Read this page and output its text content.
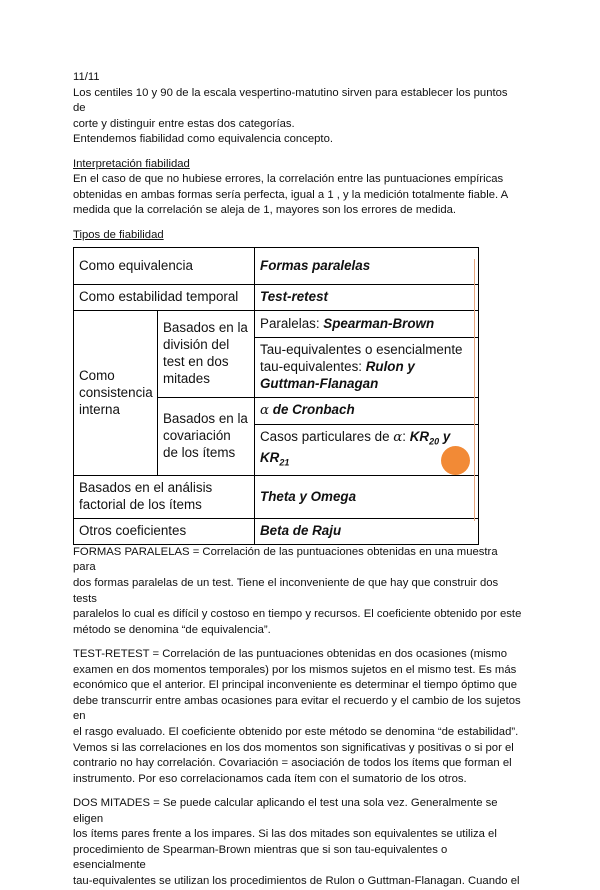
11/11

Los centiles 10 y 90 de la escala vespertino-matutino sirven para establecer los puntos de

corte y distinguir entre estas dos categorías.

Entendemos fiabilidad como equivalencia concepto.

Interpretación fiabilidad

En el caso de que no hubiese errores, la correlación entre las puntuaciones empíricas

obtenidas en ambas formas sería perfecta, igual a 1 , y la medición totalmente fiable. A

medida que la correlación se aleja de 1, mayores son los errores de medida.

Tipos de fiabilidad

Como equivalencia		Formas paralelas
Como estabilidad temporal		Test-retest
Como consistencia interna	Basados en la división del test en dos mitades	Paralelas: Spearman-Brown
		Tau-equivalentes o esencialmente tau-equivalentes: Rulon y Guttman-Flanagan
	Basados en la covariación de los ítems	α de Cronbach
		Casos particulares de α: $KR_{20}$ y $KR_{21}$
Basados en el análisis factorial de los ítems		Theta y Omega
Otros coeficientes		Beta de Raju

FORMAS PARALELAS = Correlación de las puntuaciones obtenidas en una muestra para

dos formas paralelas de un test. Tiene el inconveniente de que hay que construir dos tests

paralelos lo cual es difícil y costoso en tiempo y recursos. El coeficiente obtenido por este

método se denomina “de equivalencia”.

TEST-RETEST = Correlación de las puntuaciones obtenidas en dos ocasiones (mismo

examen en dos momentos temporales) por los mismos sujetos en el mismo test. Es más

económico que el anterior. El principal inconveniente es determinar el tiempo óptimo que

debe transcurrir entre ambas ocasiones para evitar el recuerdo y el cambio de los sujetos en

el rasgo evaluado. El coeficiente obtenido por este método se denomina “de estabilidad”.

Vemos si las correlaciones en los dos momentos son significativas y positivas o si por el

contrario no hay correlación. Covariación = asociación de todos los ítems que forman el

instrumento. Por eso correlacionamos cada ítem con el sumatorio de los otros.

DOS MITADES = Se puede calcular aplicando el test una sola vez. Generalmente se eligen

los ítems pares frente a los impares. Si las dos mitades son equivalentes se utiliza el

procedimiento de Spearman-Brown mientras que si son tau-equivalentes o esencialmente

tau-equivalentes se utilizan los procedimientos de Rulon o Guttman-Flanagan. Cuando el
